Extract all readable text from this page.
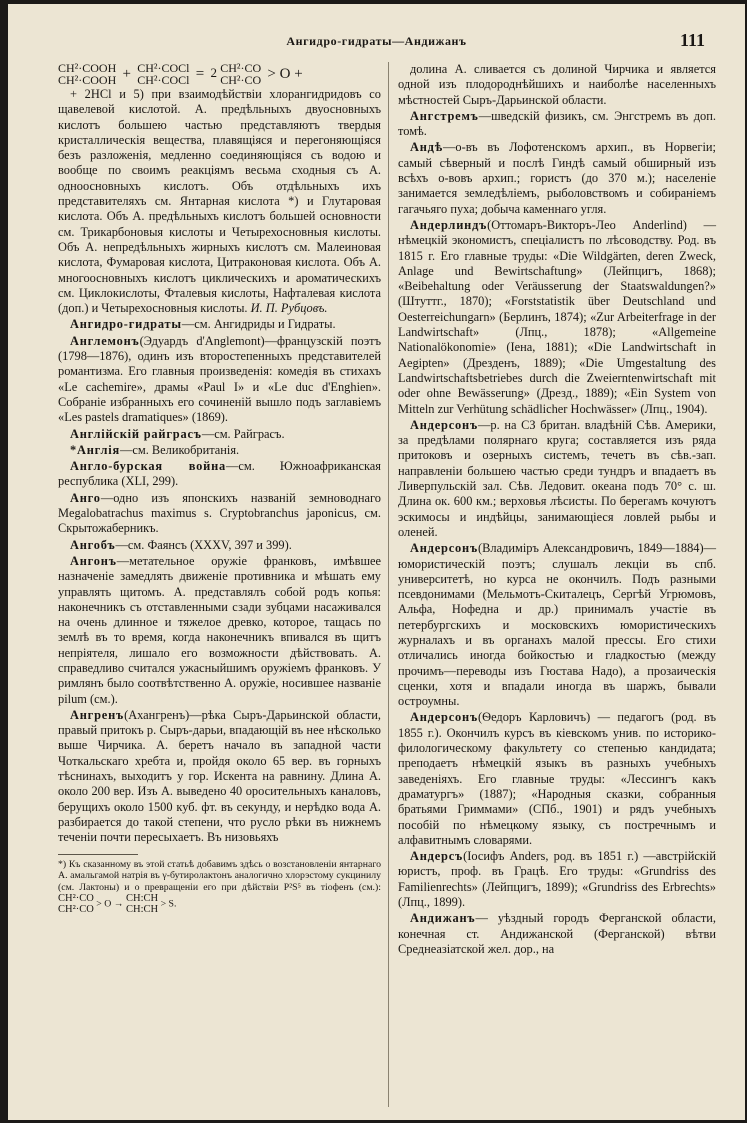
Ангидро-гидраты—Андижанъ	111
CH²·COOH
CH²·COOH + CH²·COCl
CH²·COCl = 2 CH²·CO
CH²·CO > O +

+ 2HCl и 5) при взаимодѣйствіи хлорангидридовъ со щавелевой кислотой. А. предѣльныхъ двуосновныхъ кислотъ большею частью представляютъ твердыя кристаллическія вещества, плавящіяся и перегоняющіяся безъ разложенія, медленно соединяющіяся съ водою и вообще по своимъ реакціямъ весьма сходныя съ А. одноосновныхъ кислотъ. Объ отдѣльныхъ ихъ представителяхъ см. Янтарная кислота *) и Глутаровая кислота. Объ А. предѣльныхъ кислотъ большей основности см. Трикарбоновыя кислоты и Четырехосновныя кислоты. Объ А. непредѣльныхъ жирныхъ кислотъ см. Малеиновая кислота, Фумаровая кислота, Цитраконовая кислота. Объ А. многоосновныхъ кислотъ циклическихъ и ароматическихъ см. Циклокислоты, Фталевыя кислоты, Нафталевая кислота (доп.) и Четырехосновныя кислоты. И. П. Рубцовъ.

Ангидро-гидраты—см. Ангидриды и Гидраты.

Англемонъ(Эдуардъ d'Anglemont)—французскій поэтъ (1798—1876), одинъ изъ второстепенныхъ представителей романтизма. Его главныя произведенія: комедія въ стихахъ «Le cachemire», драмы «Paul I» и «Le duc d'Enghien». Собраніе избранныхъ его сочиненій вышло подъ заглавіемъ «Les pastels dramatiques» (1869).

Англійскій райграсъ—см. Райграсъ.

*Англія—см. Великобританія.

Англо-бурская война—см. Южноафриканская республика (XLI, 299).

Анго—одно изъ японскихъ названій земноводнаго Megalobatrachus maximus s. Cryptobranchus japonicus, см. Скрытожаберникъ.

Ангобъ—см. Фаянсъ (XXXV, 397 и 399).

Ангонъ—метательное оружіе франковъ, имѣвшее назначеніе замедлять движеніе противника и мѣшать ему управлять щитомъ. А. представлялъ собой родъ копья: наконечникъ съ отставленными сзади зубцами насаживался на очень длинное и тяжелое древко, которое, тащась по землѣ въ то время, когда наконечникъ впивался въ щитъ непріятеля, лишало его возможности дѣйствовать. А. справедливо считался ужасныйшимъ оружіемъ франковъ. У римлянъ было соотвѣтственно А. оружіе, носившее названіе pilum (см.).

Ангренъ(Ахангренъ)—рѣка Сыръ-Дарьинской области, правый притокъ р. Сыръ-дарьи, впадающій въ нее нѣсколько выше Чирчика. А. беретъ начало въ западной части Чоткальскаго хребта и, пройдя около 65 вер. въ горныхъ тѣснинахъ, выходитъ у гор. Искента на равнину. Длина А. около 200 вер. Изъ А. выведено 40 оросительныхъ каналовъ, берущихъ около 1500 куб. фт. въ секунду, и нерѣдко вода А. разбирается до такой степени, что русло рѣки въ нижнемъ теченіи почти пересыхаетъ. Въ низовьяхъ

*) Къ сказанному въ этой статьѣ добавимъ здѣсь о возстановленіи янтарнаго А. амальгамой натрія въ γ-бутиролактонъ аналогично хлорэстому сукцинилу (см. Лактоны) и о превращеніи его при дѣйствіи P²S⁵ въ тіофенъ (см.): CH²·CO
CH²·CO > O → CH:CH
CH:CH > S.

долина А. сливается съ долиной Чирчика и является одной изъ плодороднѣйшихъ и наиболѣе населенныхъ мѣстностей Сыръ-Дарьинской области.

Ангстремъ—шведскій физикъ, см. Энгстремъ въ доп. томѣ.

Андѣ—о-въ въ Лофотенскомъ архип., въ Норвегіи; самый сѣверный и послѣ Гиндѣ самый обширный изъ всѣхъ о-вовъ архип.; гористъ (до 370 м.); населеніе занимается земледѣліемъ, рыболовствомъ и собираніемъ гагачьяго пуха; добыча каменнаго угля.

Андерлиндъ(Оттомаръ-Викторъ-Лео Anderlind) — нѣмецкій экономистъ, спеціалистъ по лѣсоводству. Род. въ 1815 г. Его главные труды: «Die Wildgärten, deren Zweck, Anlage und Bewirtschaftung» (Лейпцигъ, 1868); «Beibehaltung oder Veräusserung der Staatswaldungen?» (Штуттг., 1870); «Forststatistik über Deutschland und Oesterreichungarn» (Берлинъ, 1874); «Zur Arbeiterfrage in der Landwirtschaft» (Лпц., 1878); «Allgemeine Nationalökonomie» (Іена, 1881); «Die Landwirtschaft in Aegipten» (Дрезденъ, 1889); «Die Umgestaltung des Landwirtschaftsbetriebes durch die Zweierntenwirtschaft mit oder ohne Bewässerung» (Дрезд., 1889); «Ein System von Mitteln zur Verhütung schädlicher Hochwässer» (Лпц., 1904).

Андерсонъ—р. на СЗ британ. владѣній Сѣв. Америки, за предѣлами полярнаго круга; составляется изъ ряда притоковъ и озерныхъ системъ, течетъ въ сѣв.-зап. направленіи большею частью среди тундръ и впадаетъ въ Ливерпульскій зал. Сѣв. Ледовит. океана подъ 70° с. ш. Длина ок. 600 км.; верховья лѣсисты. По берегамъ кочуютъ эскимосы и индѣйцы, занимающіеся ловлей рыбы и оленей.

Андерсонъ(Владиміръ Александровичъ, 1849—1884)—юмористическій поэтъ; слушалъ лекціи въ спб. университетѣ, но курса не окончилъ. Подъ разными псевдонимами (Мельмотъ-Скиталецъ, Сергѣй Угрюмовъ, Альфа, Нофедна и др.) принималъ участіе въ петербургскихъ и московскихъ юмористическихъ журналахъ и въ органахъ малой прессы. Его стихи отличались иногда бойкостью и гладкостью (между прочимъ—переводы изъ Гюстава Надо), а прозаическія сценки, хотя и впадали иногда въ шаржъ, бывали остроумны.

Андерсонъ(Ѳедоръ Карловичъ) — педагогъ (род. въ 1855 г.). Окончилъ курсъ въ кіевскомъ унив. по историко-филологическому факультету со степенью кандидата; преподаетъ нѣмецкій языкъ въ разныхъ учебныхъ заведеніяхъ. Его главные труды: «Лессингъ какъ драматургъ» (1887); «Народныя сказки, собранныя братьями Гриммами» (СПб., 1901) и рядъ учебныхъ пособій по нѣмецкому языку, съ постречнымъ и алфавитнымъ словарями.

Андерсъ(Іосифъ Anders, род. въ 1851 г.) —австрійскій юристъ, проф. въ Грацѣ. Его труды: «Grundriss des Familienrechts» (Лейпцигъ, 1899); «Grundriss des Erbrechts» (Лпц., 1899).

Андижанъ— уѣздный городъ Ферганской области, конечная ст. Андижанской (Ферганской) вѣтви Среднеазіатской жел. дор., на
